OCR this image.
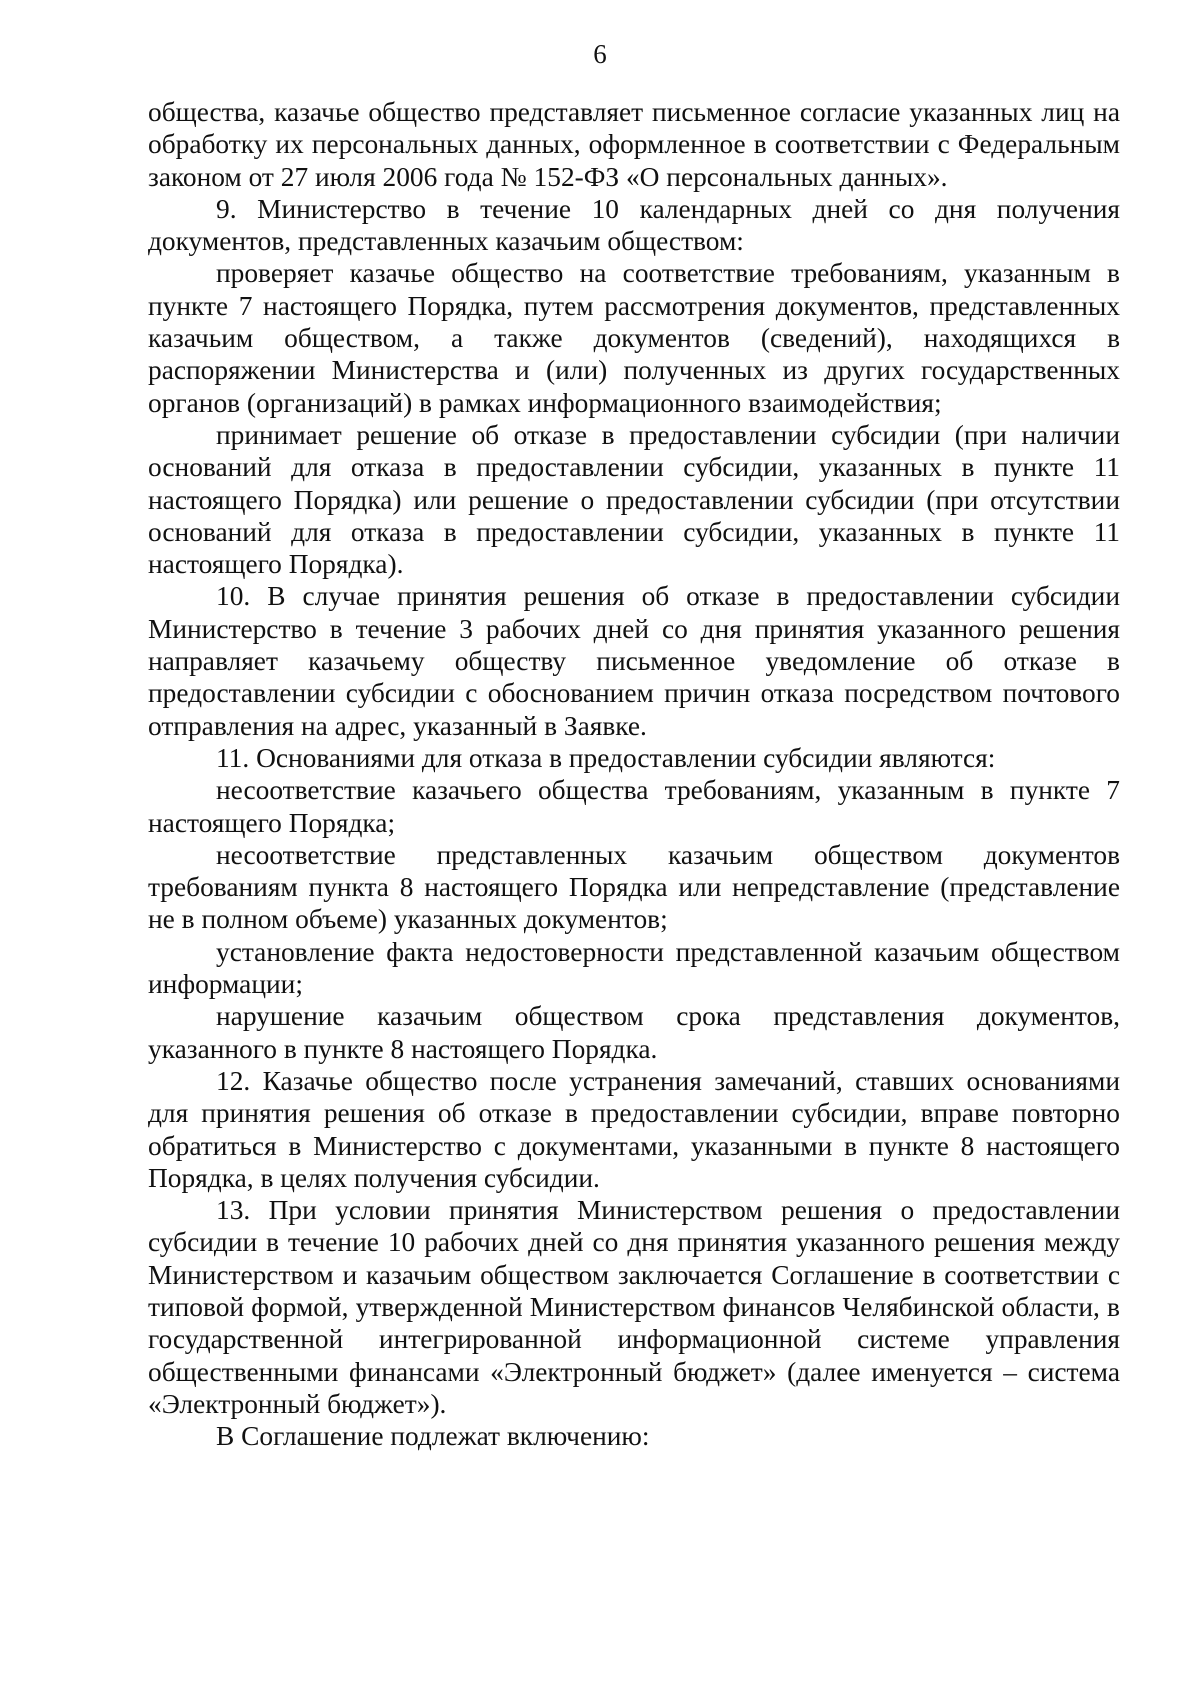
6

общества, казачье общество представляет письменное согласие указанных лиц на обработку их персональных данных, оформленное в соответствии с Федеральным законом от 27 июля 2006 года № 152-ФЗ «О персональных данных».

9. Министерство в течение 10 календарных дней со дня получения документов, представленных казачьим обществом:

проверяет казачье общество на соответствие требованиям, указанным в пункте 7 настоящего Порядка, путем рассмотрения документов, представленных казачьим обществом, а также документов (сведений), находящихся в распоряжении Министерства и (или) полученных из других государственных органов (организаций) в рамках информационного взаимодействия;

принимает решение об отказе в предоставлении субсидии (при наличии оснований для отказа в предоставлении субсидии, указанных в пункте 11 настоящего Порядка) или решение о предоставлении субсидии (при отсутствии оснований для отказа в предоставлении субсидии, указанных в пункте 11 настоящего Порядка).

10. В случае принятия решения об отказе в предоставлении субсидии Министерство в течение 3 рабочих дней со дня принятия указанного решения направляет казачьему обществу письменное уведомление об отказе в предоставлении субсидии с обоснованием причин отказа посредством почтового отправления на адрес, указанный в Заявке.

11. Основаниями для отказа в предоставлении субсидии являются:

несоответствие казачьего общества требованиям, указанным в пункте 7 настоящего Порядка;

несоответствие представленных казачьим обществом документов требованиям пункта 8 настоящего Порядка или непредставление (представление не в полном объеме) указанных документов;

установление факта недостоверности представленной казачьим обществом информации;

нарушение казачьим обществом срока представления документов, указанного в пункте 8 настоящего Порядка.

12. Казачье общество после устранения замечаний, ставших основаниями для принятия решения об отказе в предоставлении субсидии, вправе повторно обратиться в Министерство с документами, указанными в пункте 8 настоящего Порядка, в целях получения субсидии.

13. При условии принятия Министерством решения о предоставлении субсидии в течение 10 рабочих дней со дня принятия указанного решения между Министерством и казачьим обществом заключается Соглашение в соответствии с типовой формой, утвержденной Министерством финансов Челябинской области, в государственной интегрированной информационной системе управления общественными финансами «Электронный бюджет» (далее именуется – система «Электронный бюджет»).

В Соглашение подлежат включению:
